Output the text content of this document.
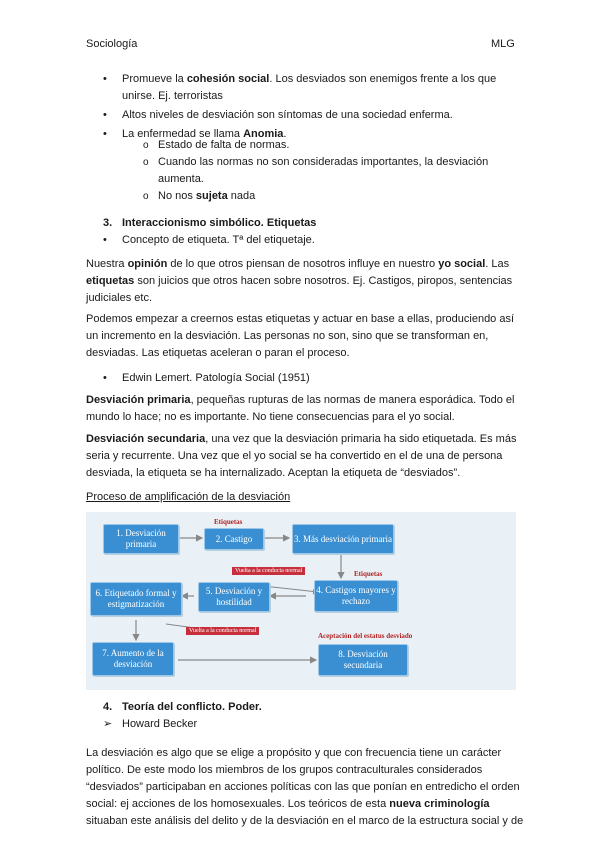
Sociología	MLG
• Promueve la cohesión social. Los desviados son enemigos frente a los que unirse. Ej. terroristas
• Altos niveles de desviación son síntomas de una sociedad enferma.
• La enfermedad se llama Anomia.
o Estado de falta de normas.
o Cuando las normas no son consideradas importantes, la desviación aumenta.
o No nos sujeta nada
3. Interaccionismo simbólico. Etiquetas
• Concepto de etiqueta. Tª del etiquetaje.

Nuestra opinión de lo que otros piensan de nosotros influye en nuestro yo social. Las etiquetas son juicios que otros hacen sobre nosotros. Ej. Castigos, piropos, sentencias judiciales etc.

Podemos empezar a creernos estas etiquetas y actuar en base a ellas, produciendo así un incremento en la desviación. Las personas no son, sino que se transforman en, desviadas. Las etiquetas aceleran o paran el proceso.

• Edwin Lemert. Patología Social (1951)

Desviación primaria, pequeñas rupturas de las normas de manera esporádica. Todo el mundo lo hace; no es importante. No tiene consecuencias para el yo social.

Desviación secundaria, una vez que la desviación primaria ha sido etiquetada. Es más seria y recurrente. Una vez que el yo social se ha convertido en el de una de persona desviada, la etiqueta se ha internalizado. Aceptan la etiqueta de “desviados”.

Proceso de amplificación de la desviación

1. Desviación primaria
2. Castigo	3. Más desviación primaria
4. Castigos mayores y rechazo
5. Desviación y hostilidad
6. Etiquetado formal y estigmatización
7. Aumento de la desviación
8. Desviación secundaria
Etiquetas
Etiquetas
Aceptación del estatus desviado
Vuelta a la conducta normal
Vuelta a la conducta normal
4. Teoría del conflicto. Poder.
➢ Howard Becker

La desviación es algo que se elige a propósito y que con frecuencia tiene un carácter político. De este modo los miembros de los grupos contraculturales considerados “desviados” participaban en acciones políticas con las que ponían en entredicho el orden social: ej acciones de los homosexuales. Los teóricos de esta nueva criminología situaban este análisis del delito y de la desviación en el marco de la estructura social y de
